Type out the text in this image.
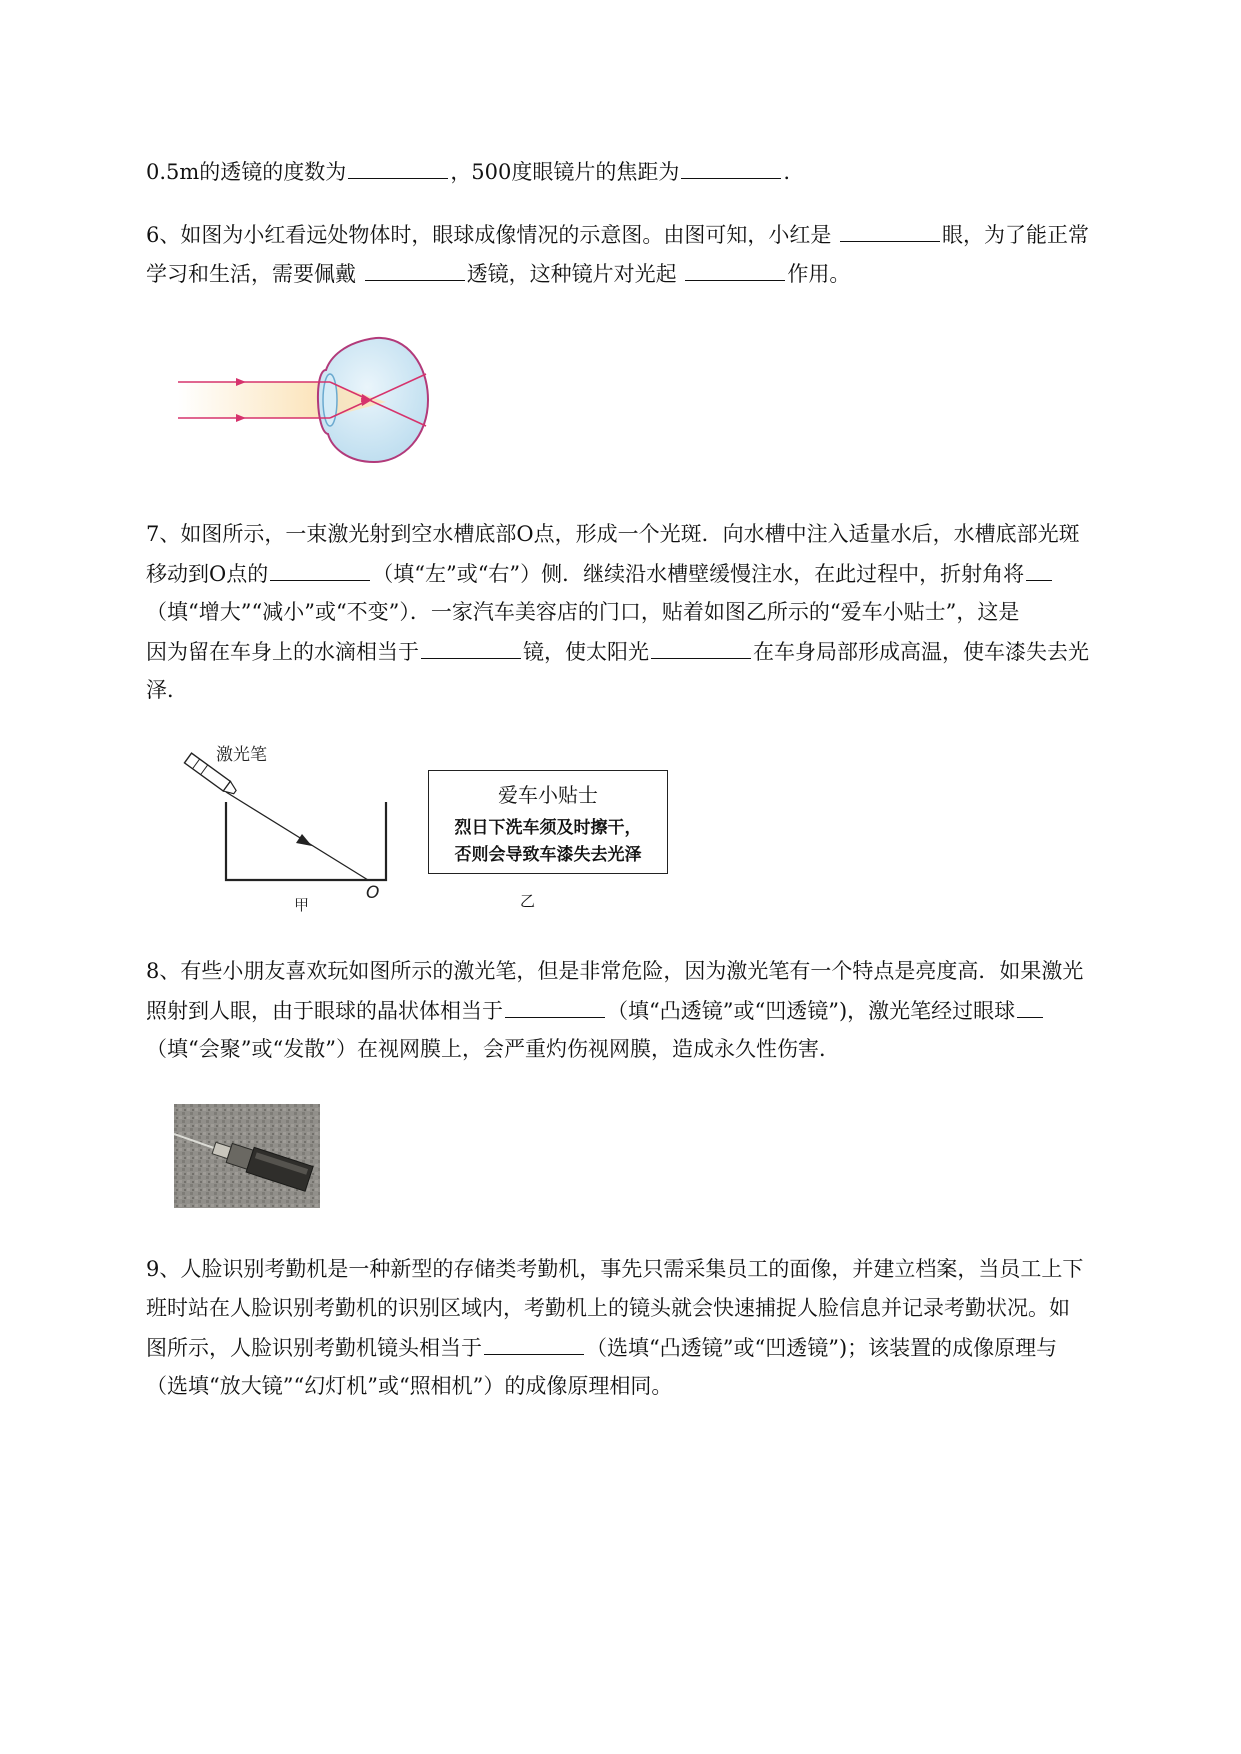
0.5m的透镜的度数为	，500度眼镜片的焦距为	.
6、如图为小红看远处物体时，眼球成像情况的示意图。由图可知，小红是	眼，为了能正常
学习和生活，需要佩戴	透镜，这种镜片对光起	作用。
7、如图所示，一束激光射到空水槽底部O点，形成一个光斑．向水槽中注入适量水后，水槽底部光斑
移动到O点的	（填“左”或“右”）侧．继续沿水槽壁缓慢注水，在此过程中，折射角将
（填“增大”“减小”或“不变”）．一家汽车美容店的门口，贴着如图乙所示的“爱车小贴士”，这是
因为留在车身上的水滴相当于	镜，使太阳光	在车身局部形成高温，使车漆失去光
泽．
激光笔
O
甲
爱车小贴士
烈日下洗车须及时擦干，
否则会导致车漆失去光泽
乙
8、有些小朋友喜欢玩如图所示的激光笔，但是非常危险，因为激光笔有一个特点是亮度高．如果激光
照射到人眼，由于眼球的晶状体相当于	（填“凸透镜”或“凹透镜”)，激光笔经过眼球
（填“会聚”或“发散”）在视网膜上，会严重灼伤视网膜，造成永久性伤害．
9、人脸识别考勤机是一种新型的存储类考勤机，事先只需采集员工的面像，并建立档案，当员工上下
班时站在人脸识别考勤机的识别区域内，考勤机上的镜头就会快速捕捉人脸信息并记录考勤状况。如
图所示，人脸识别考勤机镜头相当于	（选填“凸透镜”或“凹透镜”)；该装置的成像原理与
（选填“放大镜”“幻灯机”或“照相机”）的成像原理相同。
